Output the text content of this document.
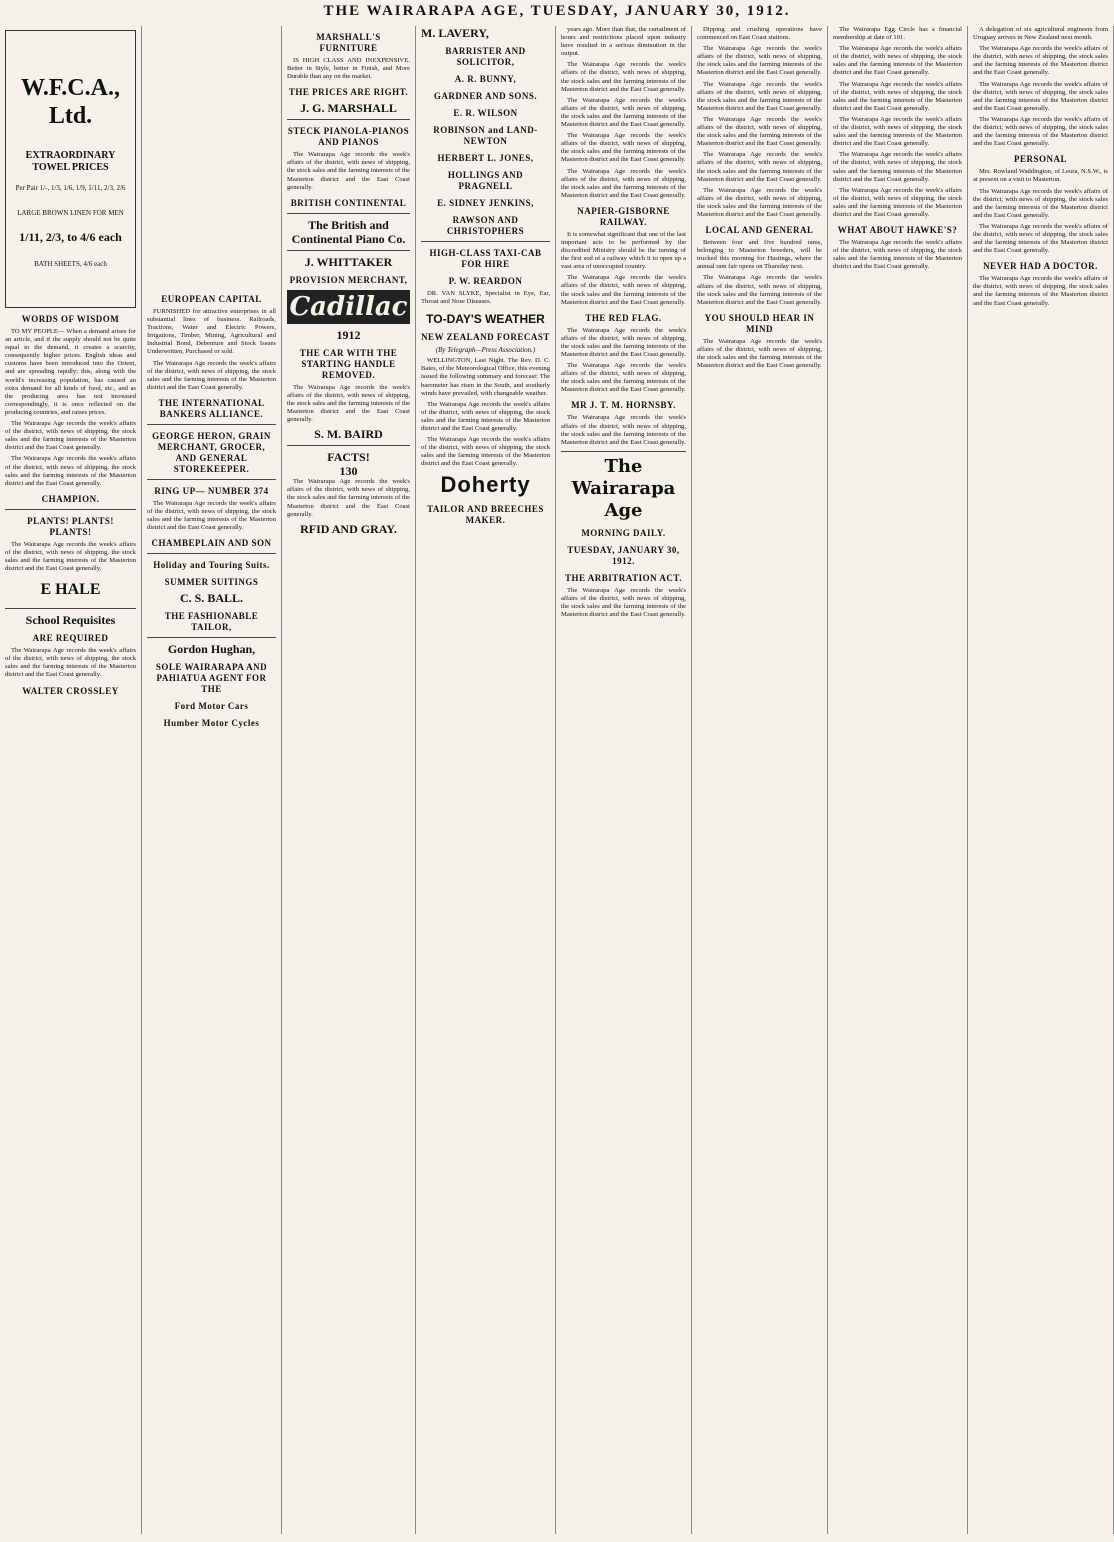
THE WAIRARAPA AGE, TUESDAY, JANUARY 30, 1912.
W.F.C.A., Ltd.
EXTRAORDINARY TOWEL PRICES
Per Pair 1/-, 1/3, 1/6, 1/9, 1/11, 2/3, 2/6
LARGE BROWN LINEN FOR MEN
1/11, 2/3, to 4/6 each
BATH SHEETS, 4/6 each
WORDS OF WISDOM

TO MY PEOPLE— When a demand arises for an article, and if the supply should not be quite equal to the demand, it creates a scarcity, consequently higher prices. English ideas and customs have been introduced into the Orient, and are spreading rapidly; this, along with the world's increasing population, has caused an extra demand for all kinds of food, etc., and as the producing area has not increased correspondingly, it is once reflected on the producing countries, and raises prices.

The Wairarapa Age records the week's affairs of the district, with news of shipping, the stock sales and the farming interests of the Masterton district and the East Coast generally.

The Wairarapa Age records the week's affairs of the district, with news of shipping, the stock sales and the farming interests of the Masterton district and the East Coast generally.

CHAMPION.
PLANTS! PLANTS! PLANTS!

The Wairarapa Age records the week's affairs of the district, with news of shipping, the stock sales and the farming interests of the Masterton district and the East Coast generally.

E HALE
School Requisites
ARE REQUIRED

The Wairarapa Age records the week's affairs of the district, with news of shipping, the stock sales and the farming interests of the Masterton district and the East Coast generally.

WALTER CROSSLEY
EUROPEAN CAPITAL

FURNISHED for attractive enterprises in all substantial lines of business. Railroads, Tractions, Water and Electric Powers, Irrigations, Timber, Mining, Agricultural and Industrial Bond, Debenture and Stock Issues Underwritten, Purchased or sold.

The Wairarapa Age records the week's affairs of the district, with news of shipping, the stock sales and the farming interests of the Masterton district and the East Coast generally.

THE INTERNATIONAL BANKERS ALLIANCE.
GEORGE HERON, GRAIN MERCHANT, GROCER, AND GENERAL STOREKEEPER.
RING UP— NUMBER 374

The Wairarapa Age records the week's affairs of the district, with news of shipping, the stock sales and the farming interests of the Masterton district and the East Coast generally.

CHAMBEPLAIN AND SON
Holiday and Touring Suits.
SUMMER SUITINGS
C. S. BALL.
THE FASHIONABLE TAILOR,
Gordon Hughan,
SOLE WAIRARAPA AND PAHIATUA AGENT FOR THE
Ford Motor Cars
Humber Motor Cycles
MARSHALL'S FURNITURE

IS HIGH CLASS AND INEXPENSIVE. Better in Style, better in Finish, and More Durable than any on the market.

THE PRICES ARE RIGHT.
J. G. MARSHALL
STECK PIANOLA-PIANOS AND PIANOS

The Wairarapa Age records the week's affairs of the district, with news of shipping, the stock sales and the farming interests of the Masterton district and the East Coast generally.

BRITISH CONTINENTAL
The British and Continental Piano Co.
J. WHITTAKER
PROVISION MERCHANT,
Cadillac
1912
THE CAR WITH THE STARTING HANDLE REMOVED.

The Wairarapa Age records the week's affairs of the district, with news of shipping, the stock sales and the farming interests of the Masterton district and the East Coast generally.

S. M. BAIRD
FACTS!
130

The Wairarapa Age records the week's affairs of the district, with news of shipping, the stock sales and the farming interests of the Masterton district and the East Coast generally.

RFID AND GRAY.
M. LAVERY,
BARRISTER AND SOLICITOR,
A. R. BUNNY,
GARDNER AND SONS.
E. R. WILSON
ROBINSON and LAND-NEWTON
HERBERT L. JONES,
HOLLINGS AND PRAGNELL
E. SIDNEY JENKINS,
RAWSON AND CHRISTOPHERS
HIGH-CLASS TAXI-CAB FOR HIRE
P. W. REARDON

DR. VAN SLYKE, Specialist in Eye, Ear, Throat and Nose Diseases.

TO-DAY'S WEATHER
NEW ZEALAND FORECAST
(By Telegraph—Press Association.)

WELLINGTON, Last Night. The Rev. D. C. Bates, of the Meteorological Office, this evening issued the following summary and forecast: The barometer has risen in the South, and southerly winds have prevailed, with changeable weather.

The Wairarapa Age records the week's affairs of the district, with news of shipping, the stock sales and the farming interests of the Masterton district and the East Coast generally.

The Wairarapa Age records the week's affairs of the district, with news of shipping, the stock sales and the farming interests of the Masterton district and the East Coast generally.

Doherty
TAILOR AND BREECHES MAKER.

years ago. More than that, the curtailment of hours and restrictions placed upon industry have resulted in a serious diminution in the output.

The Wairarapa Age records the week's affairs of the district, with news of shipping, the stock sales and the farming interests of the Masterton district and the East Coast generally.

The Wairarapa Age records the week's affairs of the district, with news of shipping, the stock sales and the farming interests of the Masterton district and the East Coast generally.

The Wairarapa Age records the week's affairs of the district, with news of shipping, the stock sales and the farming interests of the Masterton district and the East Coast generally.

The Wairarapa Age records the week's affairs of the district, with news of shipping, the stock sales and the farming interests of the Masterton district and the East Coast generally.

NAPIER-GISBORNE RAILWAY.

It is somewhat significant that one of the last important acts to be performed by the discredited Ministry should be the turning of the first sod of a railway which it to open up a vast area of unoccupied country.

The Wairarapa Age records the week's affairs of the district, with news of shipping, the stock sales and the farming interests of the Masterton district and the East Coast generally.

THE RED FLAG.

The Wairarapa Age records the week's affairs of the district, with news of shipping, the stock sales and the farming interests of the Masterton district and the East Coast generally.

The Wairarapa Age records the week's affairs of the district, with news of shipping, the stock sales and the farming interests of the Masterton district and the East Coast generally.

MR J. T. M. HORNSBY.

The Wairarapa Age records the week's affairs of the district, with news of shipping, the stock sales and the farming interests of the Masterton district and the East Coast generally.

The Wairarapa Age
MORNING DAILY.
TUESDAY, JANUARY 30, 1912.
THE ARBITRATION ACT.

The Wairarapa Age records the week's affairs of the district, with news of shipping, the stock sales and the farming interests of the Masterton district and the East Coast generally.

Dipping and crushing operations have commenced on East Coast stations.

The Wairarapa Age records the week's affairs of the district, with news of shipping, the stock sales and the farming interests of the Masterton district and the East Coast generally.

The Wairarapa Age records the week's affairs of the district, with news of shipping, the stock sales and the farming interests of the Masterton district and the East Coast generally.

The Wairarapa Age records the week's affairs of the district, with news of shipping, the stock sales and the farming interests of the Masterton district and the East Coast generally.

The Wairarapa Age records the week's affairs of the district, with news of shipping, the stock sales and the farming interests of the Masterton district and the East Coast generally.

The Wairarapa Age records the week's affairs of the district, with news of shipping, the stock sales and the farming interests of the Masterton district and the East Coast generally.

LOCAL AND GENERAL

Between four and five hundred rams, belonging to Masterton breeders, will be trucked this morning for Hastings, where the annual ram fair opens on Thursday next.

The Wairarapa Age records the week's affairs of the district, with news of shipping, the stock sales and the farming interests of the Masterton district and the East Coast generally.

YOU SHOULD HEAR IN MIND

The Wairarapa Age records the week's affairs of the district, with news of shipping, the stock sales and the farming interests of the Masterton district and the East Coast generally.

The Wairarapa Egg Circle has a financial membership at date of 101.

The Wairarapa Age records the week's affairs of the district, with news of shipping, the stock sales and the farming interests of the Masterton district and the East Coast generally.

The Wairarapa Age records the week's affairs of the district, with news of shipping, the stock sales and the farming interests of the Masterton district and the East Coast generally.

The Wairarapa Age records the week's affairs of the district, with news of shipping, the stock sales and the farming interests of the Masterton district and the East Coast generally.

The Wairarapa Age records the week's affairs of the district, with news of shipping, the stock sales and the farming interests of the Masterton district and the East Coast generally.

The Wairarapa Age records the week's affairs of the district, with news of shipping, the stock sales and the farming interests of the Masterton district and the East Coast generally.

WHAT ABOUT HAWKE'S?

The Wairarapa Age records the week's affairs of the district, with news of shipping, the stock sales and the farming interests of the Masterton district and the East Coast generally.

A delegation of six agricultural engineers from Uruguay arrives in New Zealand next month.

The Wairarapa Age records the week's affairs of the district, with news of shipping, the stock sales and the farming interests of the Masterton district and the East Coast generally.

The Wairarapa Age records the week's affairs of the district, with news of shipping, the stock sales and the farming interests of the Masterton district and the East Coast generally.

The Wairarapa Age records the week's affairs of the district, with news of shipping, the stock sales and the farming interests of the Masterton district and the East Coast generally.

PERSONAL

Mrs. Rowland Waddington, of Leura, N.S.W., is at present on a visit to Masterton.

The Wairarapa Age records the week's affairs of the district, with news of shipping, the stock sales and the farming interests of the Masterton district and the East Coast generally.

The Wairarapa Age records the week's affairs of the district, with news of shipping, the stock sales and the farming interests of the Masterton district and the East Coast generally.

NEVER HAD A DOCTOR.

The Wairarapa Age records the week's affairs of the district, with news of shipping, the stock sales and the farming interests of the Masterton district and the East Coast generally.
